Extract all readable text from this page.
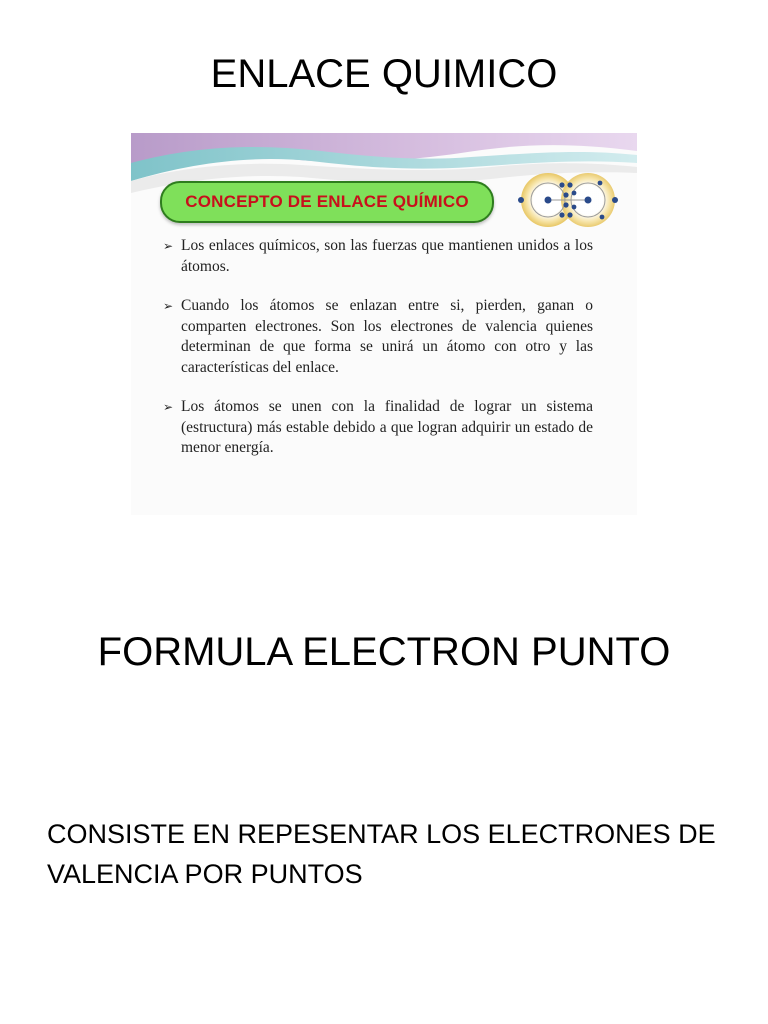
ENLACE QUIMICO
CONCEPTO DE ENLACE QUÍMICO
➢ Los enlaces químicos, son las fuerzas que mantienen unidos a los átomos.
➢ Cuando los átomos se enlazan entre si, pierden, ganan o comparten electrones. Son los electrones de valencia quienes determinan de que forma se unirá un átomo con otro y las características del enlace.
➢ Los átomos se unen con la finalidad de lograr un sistema (estructura) más estable debido a que logran adquirir un estado de menor energía.
FORMULA ELECTRON PUNTO
CONSISTE EN REPESENTAR LOS ELECTRONES DE VALENCIA POR PUNTOS
